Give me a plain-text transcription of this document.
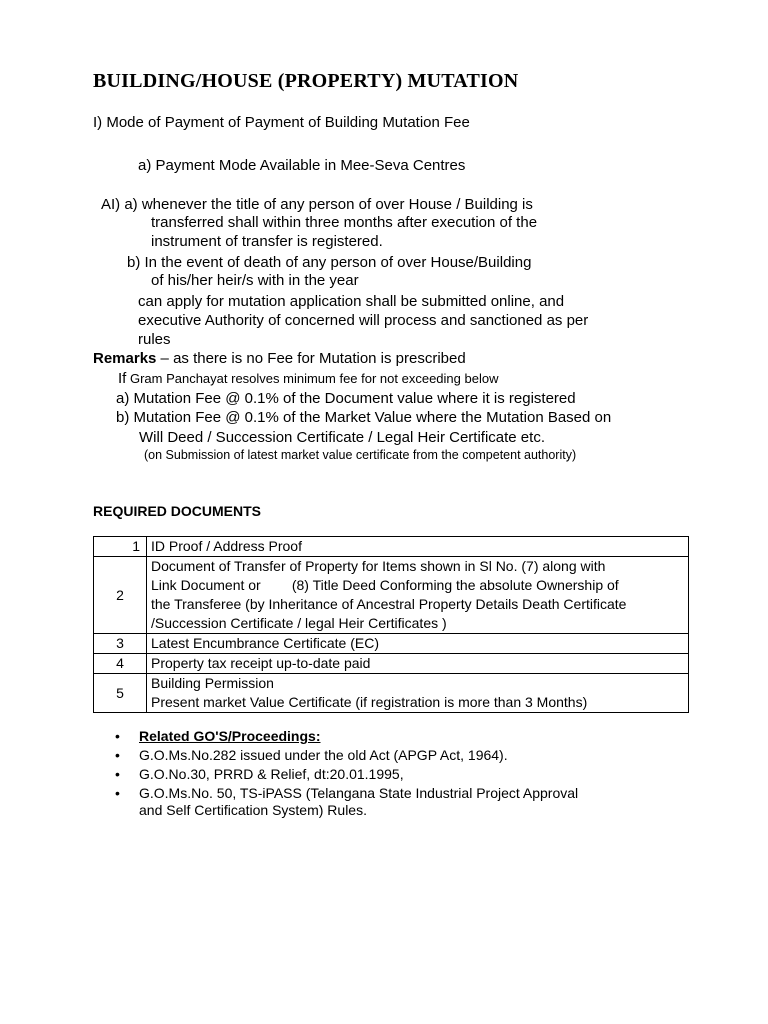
BUILDING/HOUSE (PROPERTY) MUTATION
I) Mode of Payment of Payment of Building Mutation Fee
a) Payment Mode Available in Mee-Seva Centres
AI) a) whenever the title of any person of over House / Building is
transferred shall within three months after execution of the
instrument of transfer is registered.
b) In the event of death of any person of over House/Building
of his/her heir/s with in the year
can apply for mutation application shall be submitted online, and
executive Authority of concerned will process and sanctioned as per
rules
Remarks – as there is no Fee for Mutation is prescribed
If Gram Panchayat resolves minimum fee for not exceeding below
a) Mutation Fee @ 0.1% of the Document value where it is registered
b) Mutation Fee @ 0.1% of the Market Value where the Mutation Based on
Will Deed / Succession Certificate / Legal Heir Certificate etc.
(on Submission of latest market value certificate from the competent authority)
REQUIRED DOCUMENTS
1	ID Proof / Address Proof

2	Document of Transfer of Property for Items shown in Sl No. (7) along with
Link Document or        (8) Title Deed Conforming the absolute Ownership of
the Transferee (by Inheritance of Ancestral Property Details Death Certificate
/Succession Certificate / legal Heir Certificates )

3	Latest Encumbrance Certificate (EC)

4	Property tax receipt up-to-date paid

5	Building Permission
Present market Value Certificate (if registration is more than 3 Months)
• Related GO'S/Proceedings:
• G.O.Ms.No.282 issued under the old Act (APGP Act, 1964).
• G.O.No.30, PRRD & Relief, dt:20.01.1995,
• G.O.Ms.No. 50, TS-iPASS (Telangana State Industrial Project Approval
and Self Certification System) Rules.
